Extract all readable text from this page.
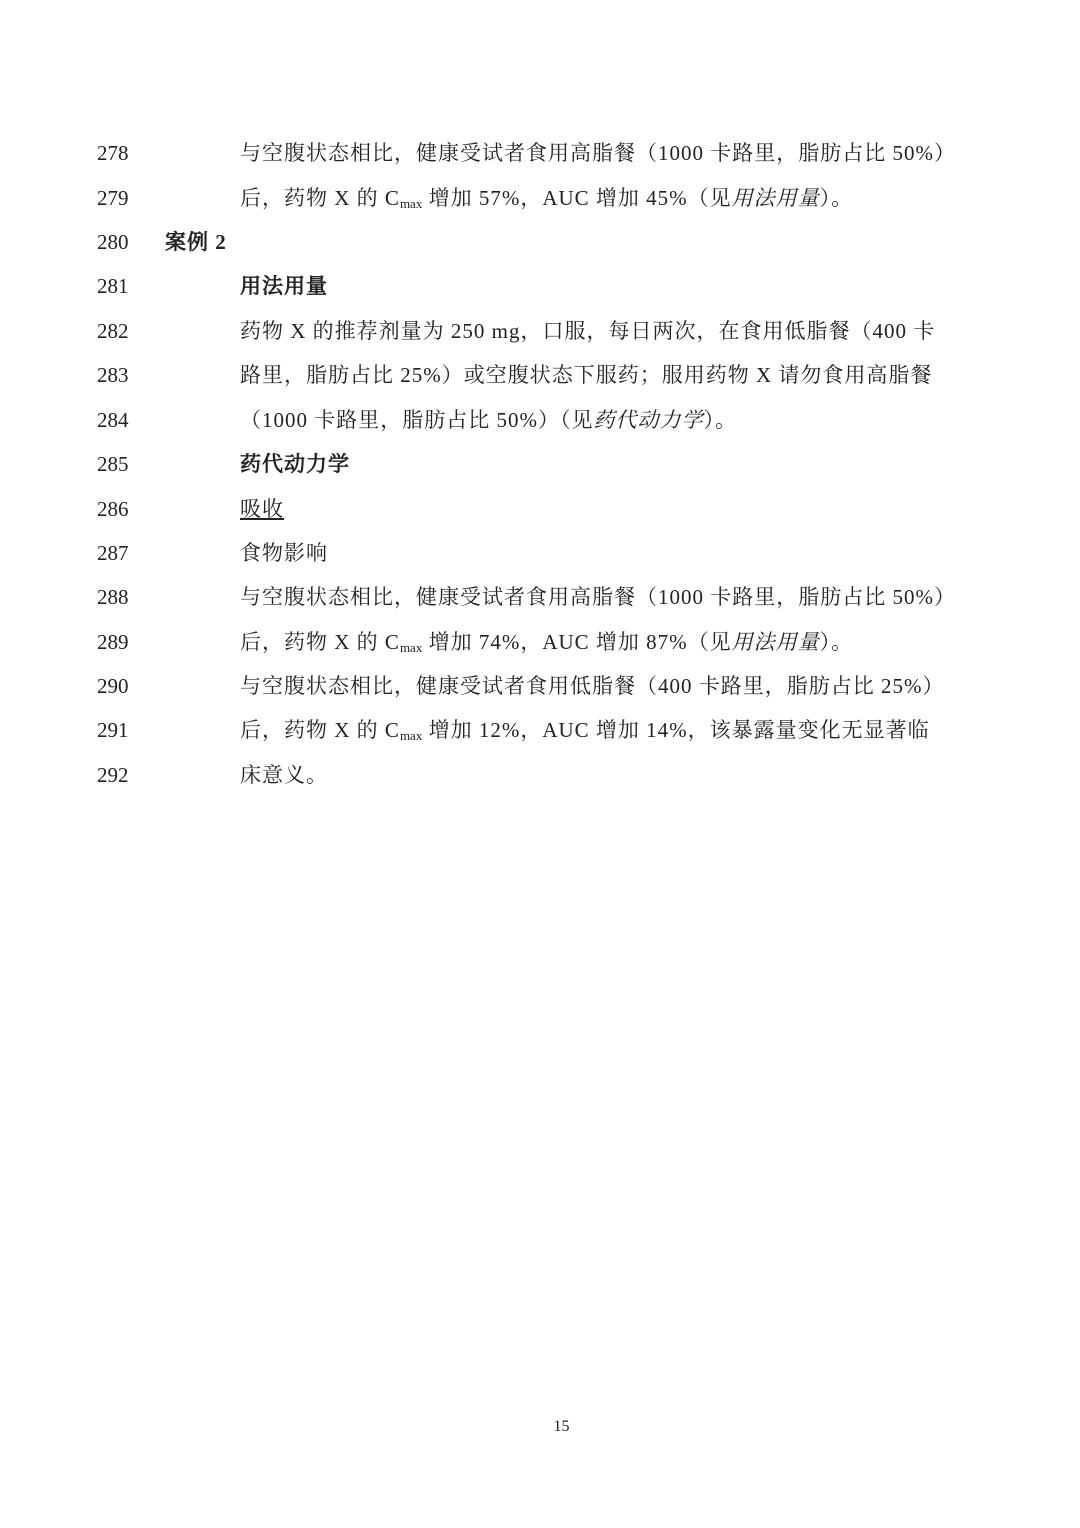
278	与空腹状态相比，健康受试者食用高脂餐（1000 卡路里，脂肪占比 50%）
279	后，药物 X 的 $C_{max}$ 增加 57%，AUC 增加 45%（见用法用量）。
280	案例 2
281	用法用量
282	药物 X 的推荐剂量为 250 mg，口服，每日两次，在食用低脂餐（400 卡
283	路里，脂肪占比 25%）或空腹状态下服药；服用药物 X 请勿食用高脂餐
284	（1000 卡路里，脂肪占比 50%）（见药代动力学）。
285	药代动力学
286	吸收
287	食物影响
288	与空腹状态相比，健康受试者食用高脂餐（1000 卡路里，脂肪占比 50%）
289	后，药物 X 的 $C_{max}$ 增加 74%，AUC 增加 87%（见用法用量）。
290	与空腹状态相比，健康受试者食用低脂餐（400 卡路里，脂肪占比 25%）
291	后，药物 X 的 $C_{max}$ 增加 12%，AUC 增加 14%，该暴露量变化无显著临
292	床意义。
15
